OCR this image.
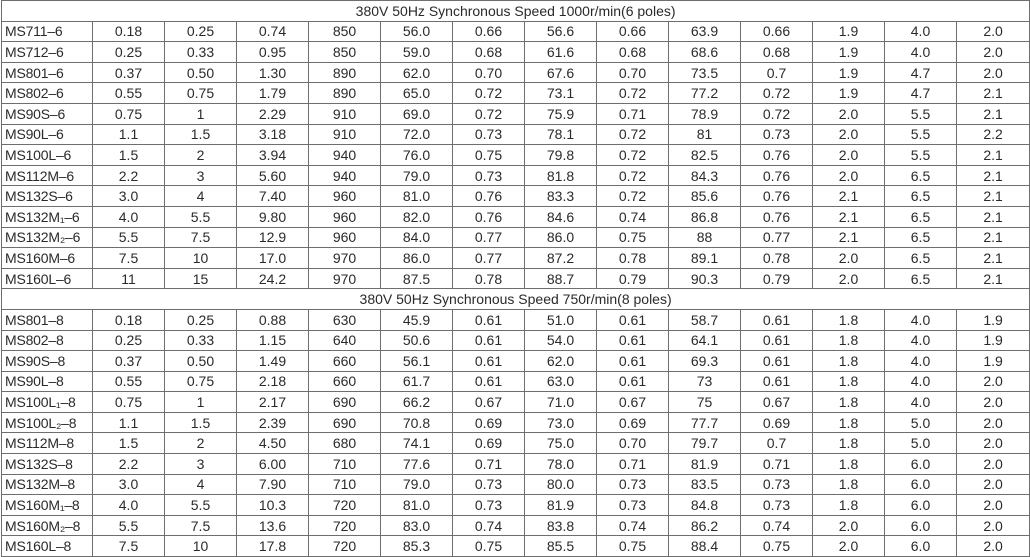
380V 50Hz Synchronous Speed 1000r/min(6 poles)													
MS711–6	0.18	0.25	0.74	850	56.0	0.66	56.6	0.66	63.9	0.66	1.9	4.0	2.0
MS712–6	0.25	0.33	0.95	850	59.0	0.68	61.6	0.68	68.6	0.68	1.9	4.0	2.0
MS801–6	0.37	0.50	1.30	890	62.0	0.70	67.6	0.70	73.5	0.7	1.9	4.7	2.0
MS802–6	0.55	0.75	1.79	890	65.0	0.72	73.1	0.72	77.2	0.72	1.9	4.7	2.1
MS90S–6	0.75	1	2.29	910	69.0	0.72	75.9	0.71	78.9	0.72	2.0	5.5	2.1
MS90L–6	1.1	1.5	3.18	910	72.0	0.73	78.1	0.72	81	0.73	2.0	5.5	2.2
MS100L–6	1.5	2	3.94	940	76.0	0.75	79.8	0.72	82.5	0.76	2.0	5.5	2.1
MS112M–6	2.2	3	5.60	940	79.0	0.73	81.8	0.72	84.3	0.76	2.0	6.5	2.1
MS132S–6	3.0	4	7.40	960	81.0	0.76	83.3	0.72	85.6	0.76	2.1	6.5	2.1
MS132M₁–6	4.0	5.5	9.80	960	82.0	0.76	84.6	0.74	86.8	0.76	2.1	6.5	2.1
MS132M₂–6	5.5	7.5	12.9	960	84.0	0.77	86.0	0.75	88	0.77	2.1	6.5	2.1
MS160M–6	7.5	10	17.0	970	86.0	0.77	87.2	0.78	89.1	0.78	2.0	6.5	2.1
MS160L–6	11	15	24.2	970	87.5	0.78	88.7	0.79	90.3	0.79	2.0	6.5	2.1
380V 50Hz Synchronous Speed 750r/min(8 poles)													
MS801–8	0.18	0.25	0.88	630	45.9	0.61	51.0	0.61	58.7	0.61	1.8	4.0	1.9
MS802–8	0.25	0.33	1.15	640	50.6	0.61	54.0	0.61	64.1	0.61	1.8	4.0	1.9
MS90S–8	0.37	0.50	1.49	660	56.1	0.61	62.0	0.61	69.3	0.61	1.8	4.0	1.9
MS90L–8	0.55	0.75	2.18	660	61.7	0.61	63.0	0.61	73	0.61	1.8	4.0	2.0
MS100L₁–8	0.75	1	2.17	690	66.2	0.67	71.0	0.67	75	0.67	1.8	4.0	2.0
MS100L₂–8	1.1	1.5	2.39	690	70.8	0.69	73.0	0.69	77.7	0.69	1.8	5.0	2.0
MS112M–8	1.5	2	4.50	680	74.1	0.69	75.0	0.70	79.7	0.7	1.8	5.0	2.0
MS132S–8	2.2	3	6.00	710	77.6	0.71	78.0	0.71	81.9	0.71	1.8	6.0	2.0
MS132M–8	3.0	4	7.90	710	79.0	0.73	80.0	0.73	83.5	0.73	1.8	6.0	2.0
MS160M₁–8	4.0	5.5	10.3	720	81.0	0.73	81.9	0.73	84.8	0.73	1.8	6.0	2.0
MS160M₂–8	5.5	7.5	13.6	720	83.0	0.74	83.8	0.74	86.2	0.74	2.0	6.0	2.0
MS160L–8	7.5	10	17.8	720	85.3	0.75	85.5	0.75	88.4	0.75	2.0	6.0	2.0
